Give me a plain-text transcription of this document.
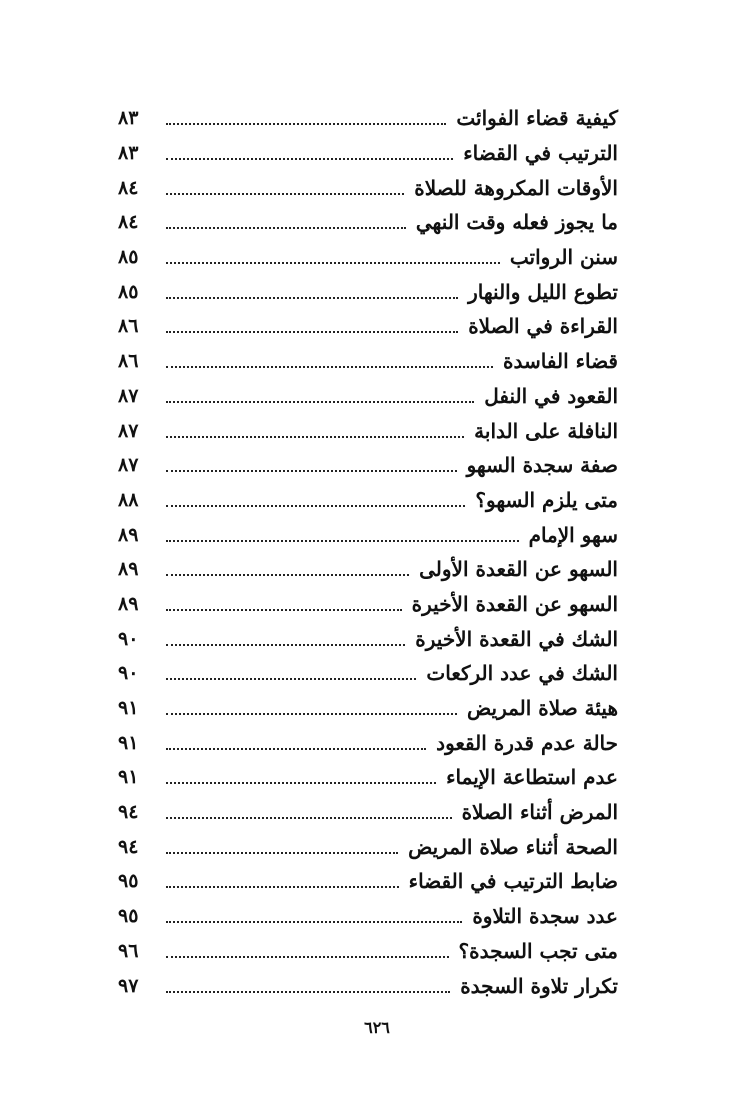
كيفية قضاء الفوائت
٨٣
الترتيب في القضاء
٨٣
الأوقات المكروهة للصلاة
٨٤
ما يجوز فعله وقت النهي
٨٤
سنن الرواتب
٨٥
تطوع الليل والنهار
٨٥
القراءة في الصلاة
٨٦
قضاء الفاسدة
٨٦
القعود في النفل
٨٧
النافلة على الدابة
٨٧
صفة سجدة السهو
٨٧
متى يلزم السهو؟
٨٨
سهو الإمام
٨٩
السهو عن القعدة الأولى
٨٩
السهو عن القعدة الأخيرة
٨٩
الشك في القعدة الأخيرة
٩٠
الشك في عدد الركعات
٩٠
هيئة صلاة المريض
٩١
حالة عدم قدرة القعود
٩١
عدم استطاعة الإيماء
٩١
المرض أثناء الصلاة
٩٤
الصحة أثناء صلاة المريض
٩٤
ضابط الترتيب في القضاء
٩٥
عدد سجدة التلاوة
٩٥
متى تجب السجدة؟
٩٦
تكرار تلاوة السجدة
٩٧
٦٢٦
